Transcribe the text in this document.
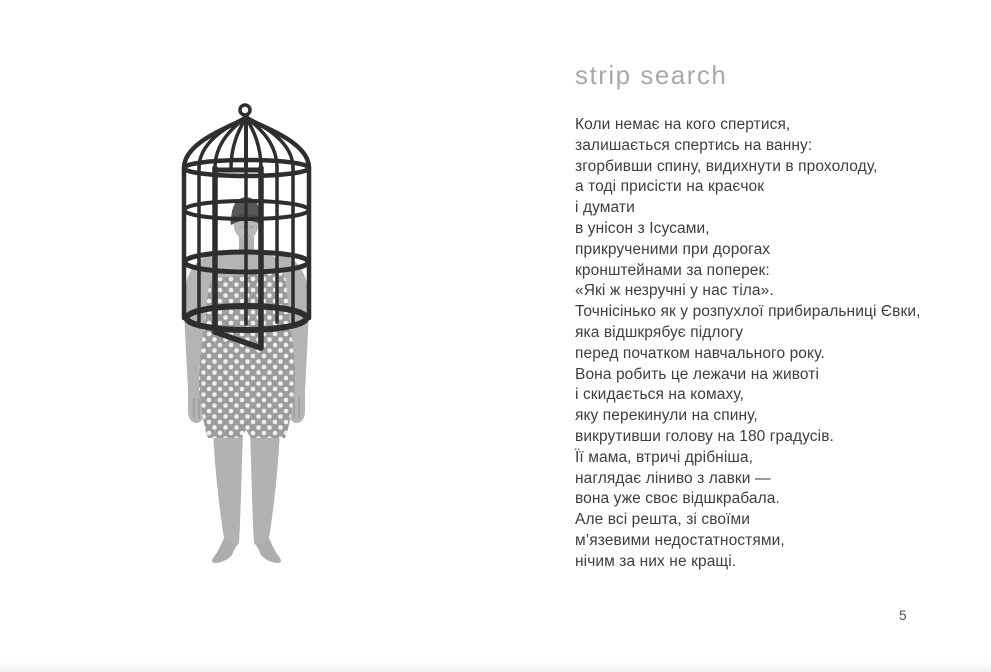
strip search

Коли немає на кого спертися,

залишається спертись на ванну:

згорбивши спину, видихнути в прохолоду,

а тоді присісти на краєчок

і думати

в унісон з Ісусами,

прикрученими при дорогах

кронштейнами за поперек:

«Які ж незручні у нас тіла».

Точнісінько як у розпухлої прибиральниці Євки,

яка відшкрябує підлогу

перед початком навчального року.

Вона робить це лежачи на животі

і скидається на комаху,

яку перекинули на спину,

викрутивши голову на 180 градусів.

Її мама, втричі дрібніша,

наглядає ліниво з лавки —

вона уже своє відшкрабала.

Але всі решта, зі своїми

м’язевими недостатностями,

нічим за них не кращі.

5
